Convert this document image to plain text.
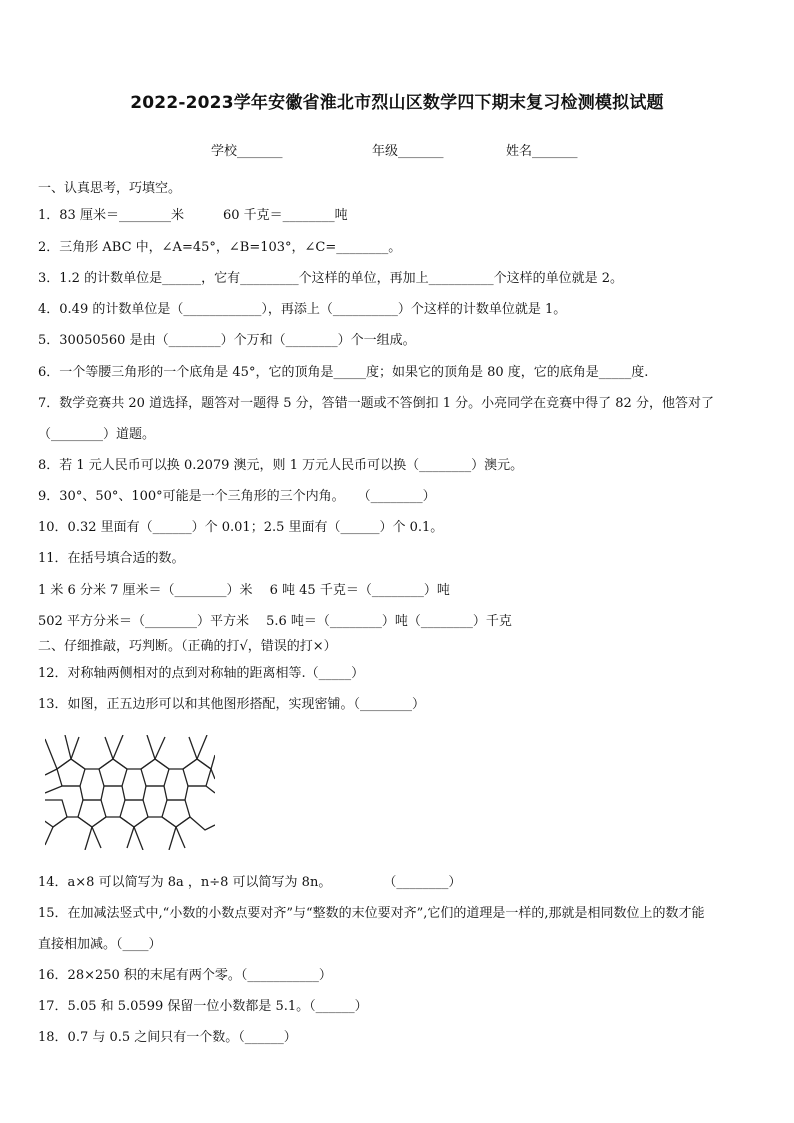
2022-2023学年安徽省淮北市烈山区数学四下期末复习检测模拟试题
学校_______	年级_______	姓名_______
一、认真思考，巧填空。
1．83 厘米＝________米　　　60 千克＝________吨
2．三角形 ABC 中，∠A=45°，∠B=103°，∠C=________。
3．1.2 的计数单位是______，它有_________个这样的单位，再加上__________个这样的单位就是 2。
4．0.49 的计数单位是（____________），再添上（__________）个这样的计数单位就是 1。
5．30050560 是由（________）个万和（________）个一组成。
6．一个等腰三角形的一个底角是 45°，它的顶角是_____度；如果它的顶角是 80 度，它的底角是_____度.
7．数学竞赛共 20 道选择，题答对一题得 5 分，答错一题或不答倒扣 1 分。小亮同学在竞赛中得了 82 分，他答对了
（________）道题。
8．若 1 元人民币可以换 0.2079 澳元，则 1 万元人民币可以换（________）澳元。
9．30°、50°、100°可能是一个三角形的三个内角。　　（________）
10．0.32 里面有（______）个 0.01；2.5 里面有（______）个 0.1。
11．在括号填合适的数。
1 米 6 分米 7 厘米＝（________）米　 6 吨 45 千克＝（________）吨
502 平方分米＝（________）平方米　 5.6 吨＝（________）吨（________）千克
二、仔细推敲，巧判断。（正确的打√，错误的打×）
12．对称轴两侧相对的点到对称轴的距离相等.（_____）
13．如图，正五边形可以和其他图形搭配，实现密铺。（________）
14．a×8 可以简写为 8a ，n÷8 可以简写为 8n。　　　　　（________）
15．在加减法竖式中,“小数的小数点要对齐”与“整数的末位要对齐”,它们的道理是一样的,那就是相同数位上的数才能
直接相加减。（____）
16．28×250 积的末尾有两个零。（___________）
17．5.05 和 5.0599 保留一位小数都是 5.1。（______）
18．0.7 与 0.5 之间只有一个数。（______）
